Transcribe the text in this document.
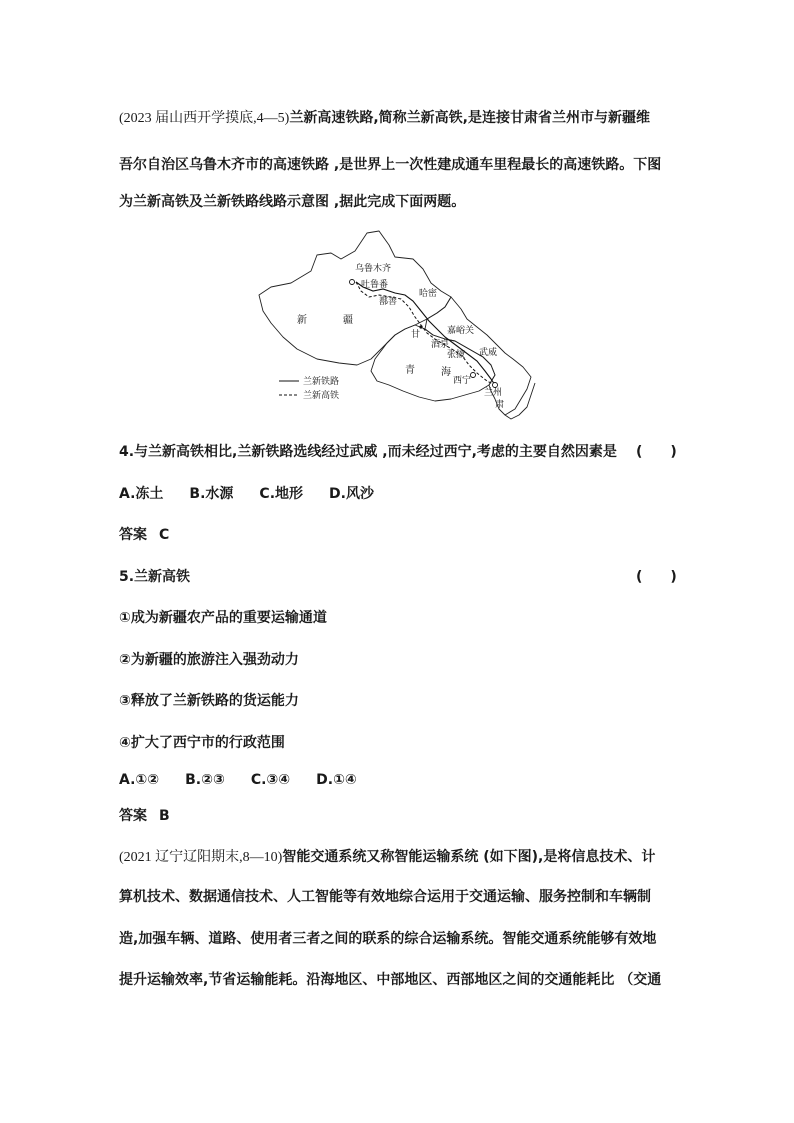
(2023 届山西开学摸底,4—5)兰新高速铁路,简称兰新高铁,是连接甘肃省兰州市与新疆维
吾尔自治区乌鲁木齐市的高速铁路 ,是世界上一次性建成通车里程最长的高速铁路。下图
为兰新高铁及兰新铁路线路示意图 ,据此完成下面两题。
乌鲁木齐
吐鲁番
鄯善
哈密
新	疆
甘	嘉峪关
酒泉
张掖 武威
青	海
西宁
兰州
肃
兰新铁路
兰新高铁
4.与兰新高铁相比,兰新铁路选线经过武威 ,而未经过西宁,考虑的主要自然因素是 (　　)
A.冻土 B.水源 C.地形 D.风沙
答案 C
5.兰新高铁	(　　)
①成为新疆农产品的重要运输通道
②为新疆的旅游注入强劲动力
③释放了兰新铁路的货运能力
④扩大了西宁市的行政范围
A.①② B.②③ C.③④ D.①④
答案 B
(2021 辽宁辽阳期末,8—10)智能交通系统又称智能运输系统 (如下图),是将信息技术、计
算机技术、数据通信技术、人工智能等有效地综合运用于交通运输、服务控制和车辆制
造,加强车辆、道路、使用者三者之间的联系的综合运输系统。智能交通系统能够有效地
提升运输效率,节省运输能耗。沿海地区、中部地区、西部地区之间的交通能耗比 （交通
